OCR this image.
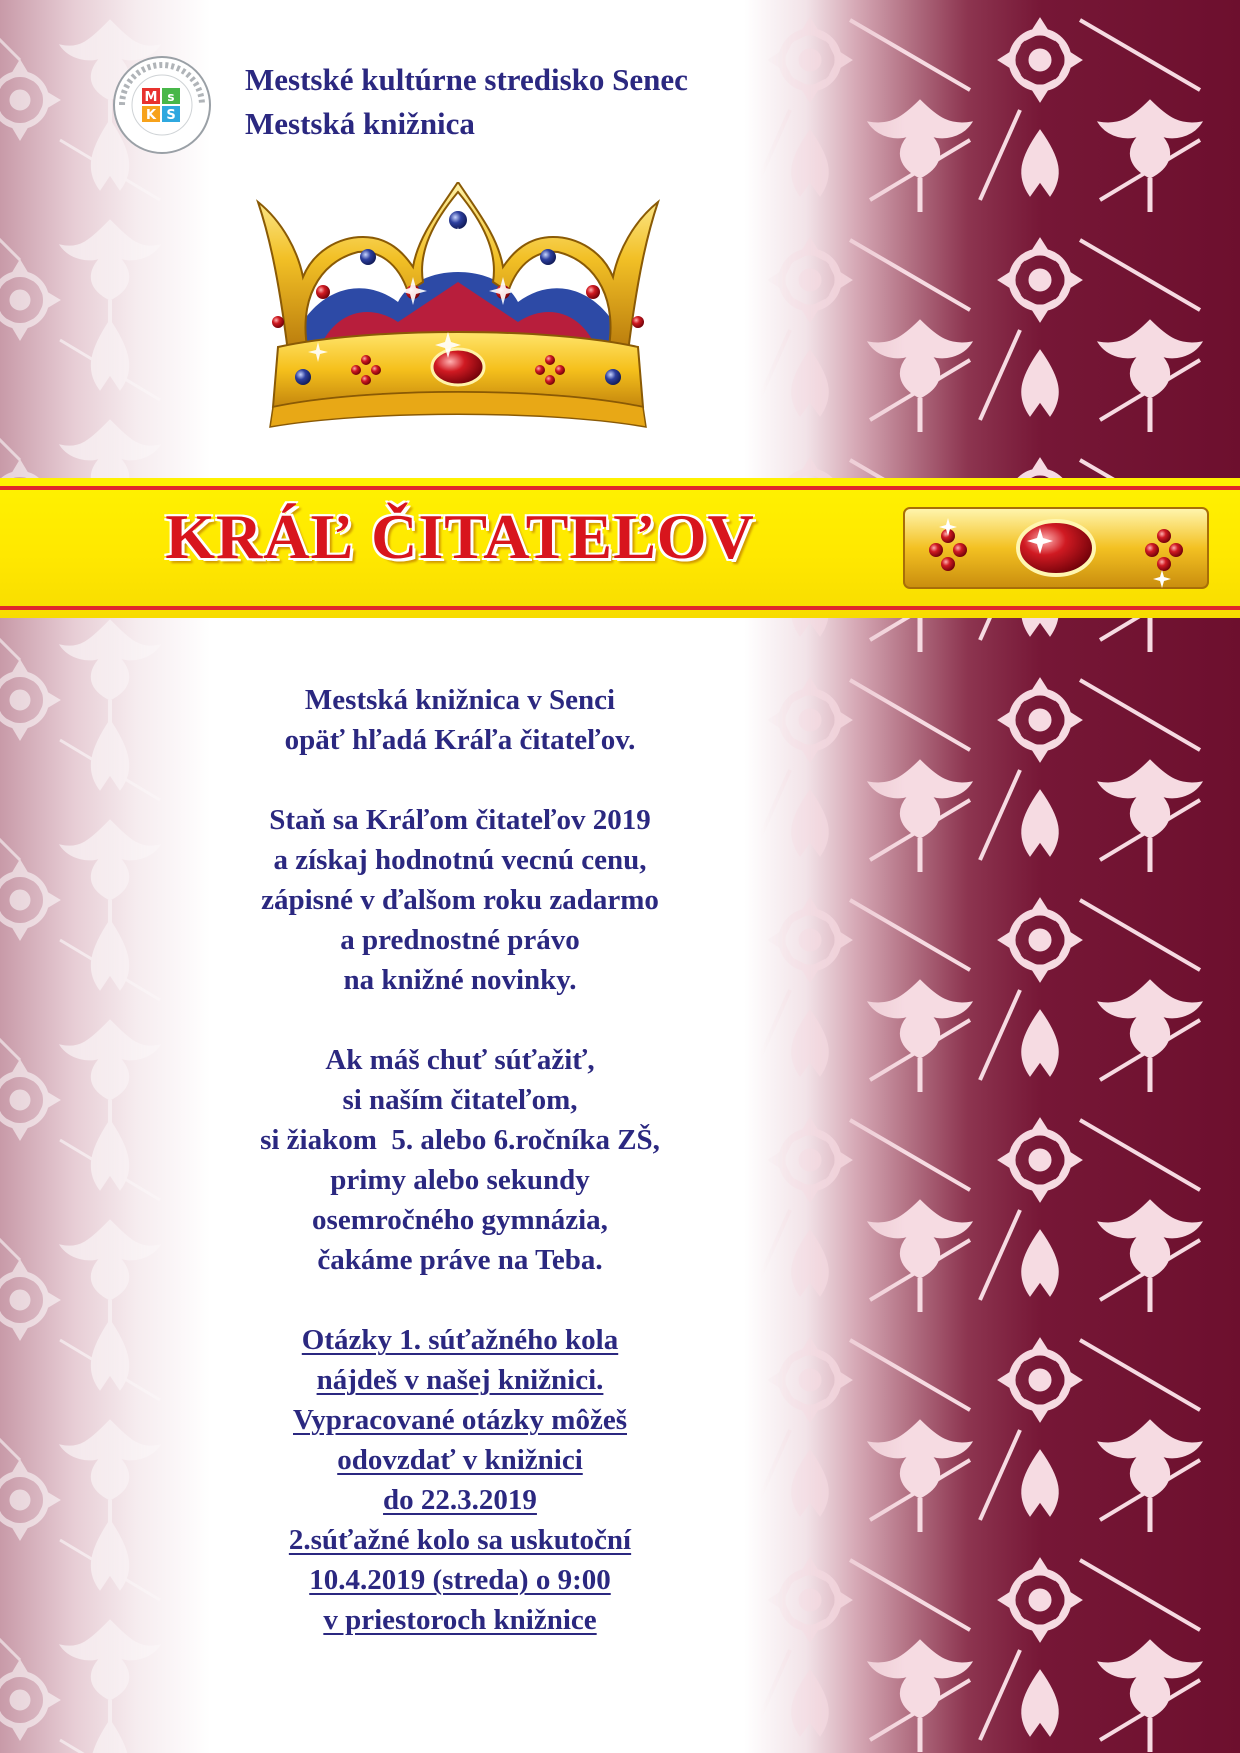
M s
K S

Mestské kultúrne stredisko Senec

Mestská knižnica

KRÁĽ ČITATEĽOV

Mestská knižnica v Senci

opäť hľadá Kráľa čitateľov.

Staň sa Kráľom čitateľov 2019

a získaj hodnotnú vecnú cenu,

zápisné v ďalšom roku zadarmo

a prednostné právo

na knižné novinky.

Ak máš chuť súťažiť,

si naším čitateľom,

si žiakom  5. alebo 6.ročníka ZŠ,

primy alebo sekundy

osemročného gymnázia,

čakáme práve na Teba.

Otázky 1. súťažného kola

nájdeš v našej knižnici.

Vypracované otázky môžeš

odovzdať v knižnici

do 22.3.2019

2.súťažné kolo sa uskutoční

10.4.2019 (streda) o 9:00

v priestoroch knižnice
